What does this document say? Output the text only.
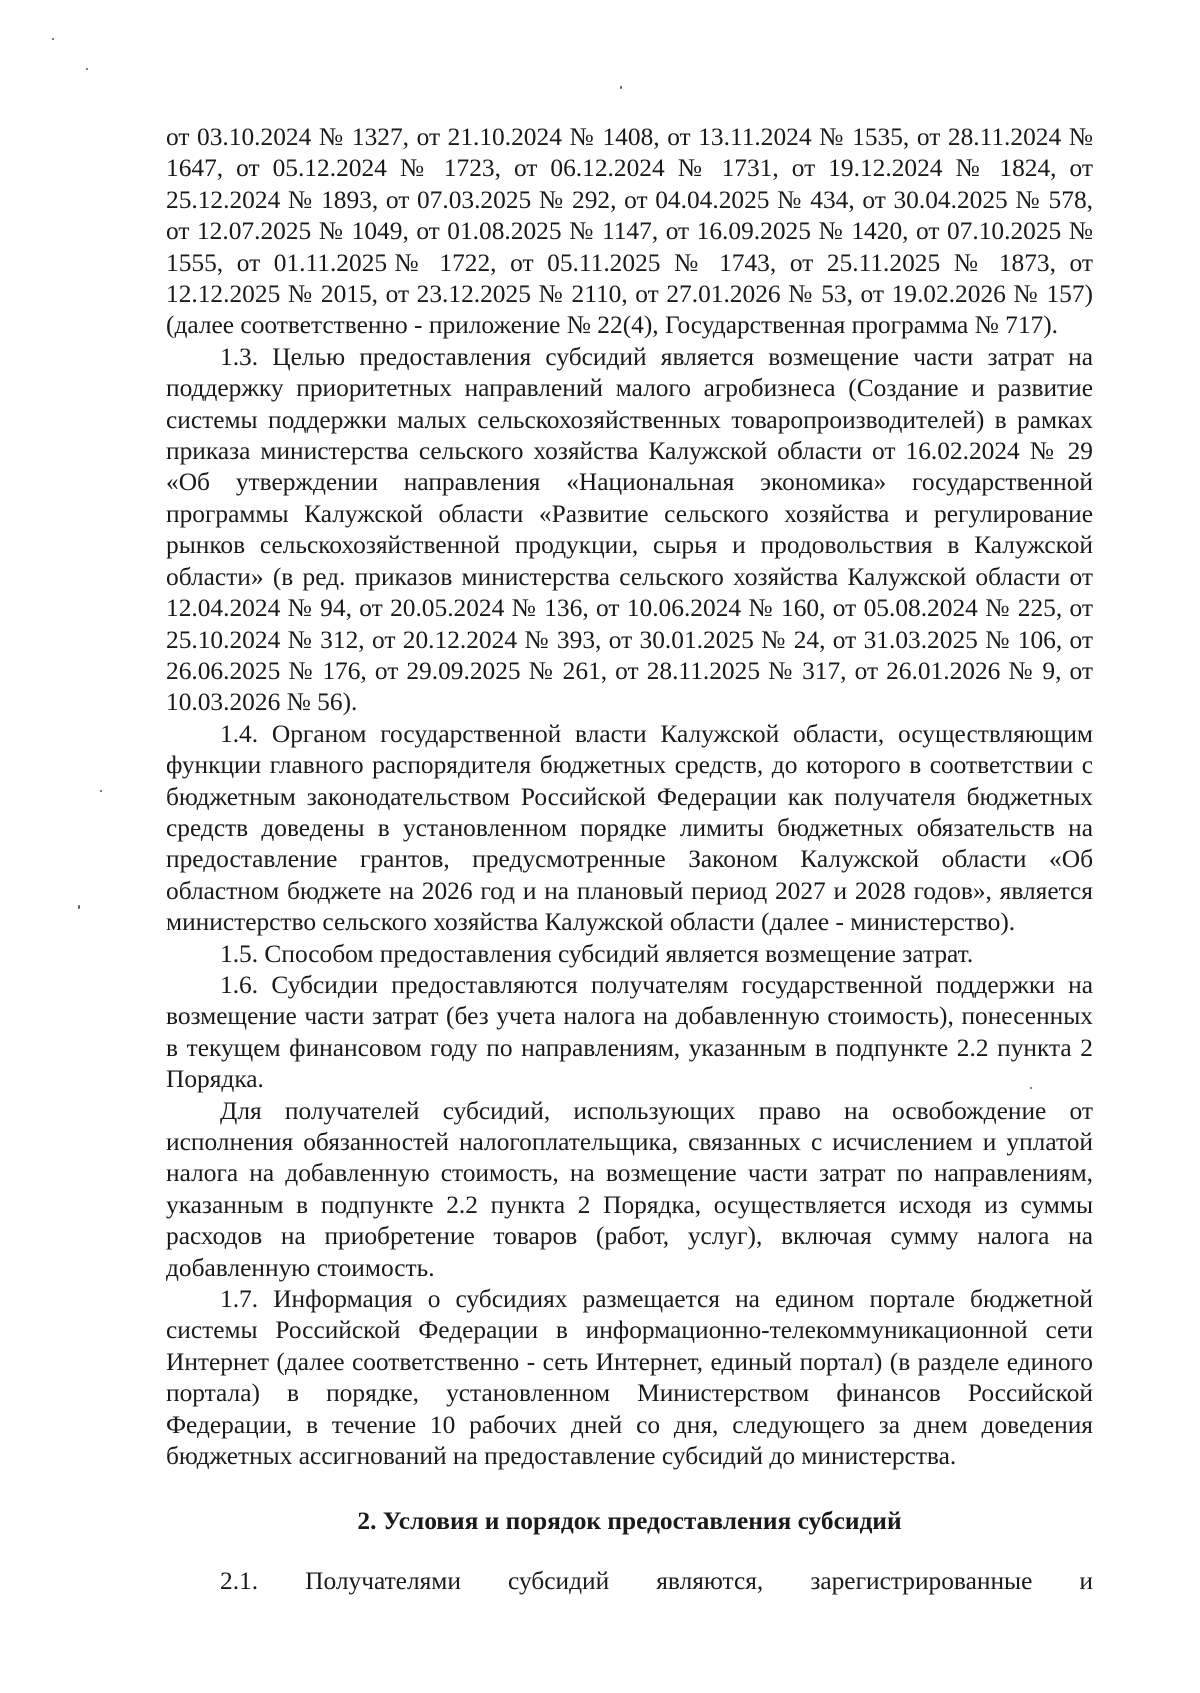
от 03.10.2024 № 1327, от 21.10.2024 № 1408, от 13.11.2024 № 1535, от 28.11.2024 № 1647, от 05.12.2024 № 1723, от 06.12.2024 № 1731, от 19.12.2024 № 1824, от 25.12.2024 № 1893, от 07.03.2025 № 292, от 04.04.2025 № 434, от 30.04.2025 № 578, от 12.07.2025 № 1049, от 01.08.2025 № 1147, от 16.09.2025 № 1420, от 07.10.2025 № 1555, от 01.11.2025№ 1722, от 05.11.2025 № 1743, от 25.11.2025 № 1873, от 12.12.2025 № 2015, от 23.12.2025 № 2110, от 27.01.2026 № 53, от 19.02.2026 № 157) (далее соответственно - приложение № 22(4), Государственная программа № 717).

1.3. Целью предоставления субсидий является возмещение части затрат на поддержку приоритетных направлений малого агробизнеса (Создание и развитие системы поддержки малых сельскохозяйственных товаропроизводителей) в рамках приказа министерства сельского хозяйства Калужской области от 16.02.2024 № 29 «Об утверждении направления «Национальная экономика» государственной программы Калужской области «Развитие сельского хозяйства и регулирование рынков сельскохозяйственной продукции, сырья и продовольствия в Калужской области» (в ред. приказов министерства сельского хозяйства Калужской области от 12.04.2024 № 94, от 20.05.2024 № 136, от 10.06.2024 № 160, от 05.08.2024 № 225, от 25.10.2024 № 312, от 20.12.2024 № 393, от 30.01.2025 № 24, от 31.03.2025 № 106, от 26.06.2025 № 176, от 29.09.2025 № 261, от 28.11.2025 № 317, от 26.01.2026 № 9, от 10.03.2026 № 56).

1.4. Органом государственной власти Калужской области, осуществляющим функции главного распорядителя бюджетных средств, до которого в соответствии с бюджетным законодательством Российской Федерации как получателя бюджетных средств доведены в установленном порядке лимиты бюджетных обязательств на предоставление грантов, предусмотренные Законом Калужской области «Об областном бюджете на 2026 год и на плановый период 2027 и 2028 годов», является министерство сельского хозяйства Калужской области (далее - министерство).

1.5. Способом предоставления субсидий является возмещение затрат.

1.6. Субсидии предоставляются получателям государственной поддержки на возмещение части затрат (без учета налога на добавленную стоимость), понесенных в текущем финансовом году по направлениям, указанным в подпункте 2.2 пункта 2 Порядка.

Для получателей субсидий, использующих право на освобождение от исполнения обязанностей налогоплательщика, связанных с исчислением и уплатой налога на добавленную стоимость, на возмещение части затрат по направлениям, указанным в подпункте 2.2 пункта 2 Порядка, осуществляется исходя из суммы расходов на приобретение товаров (работ, услуг), включая сумму налога на добавленную стоимость.

1.7. Информация о субсидиях размещается на едином портале бюджетной системы Российской Федерации в информационно-телекоммуникационной сети Интернет (далее соответственно - сеть Интернет, единый портал) (в разделе единого портала) в порядке, установленном Министерством финансов Российской Федерации, в течение 10 рабочих дней со дня, следующего за днем доведения бюджетных ассигнований на предоставление субсидий до министерства.

2. Условия и порядок предоставления субсидий

2.1. Получателями субсидий являются, зарегистрированные и
